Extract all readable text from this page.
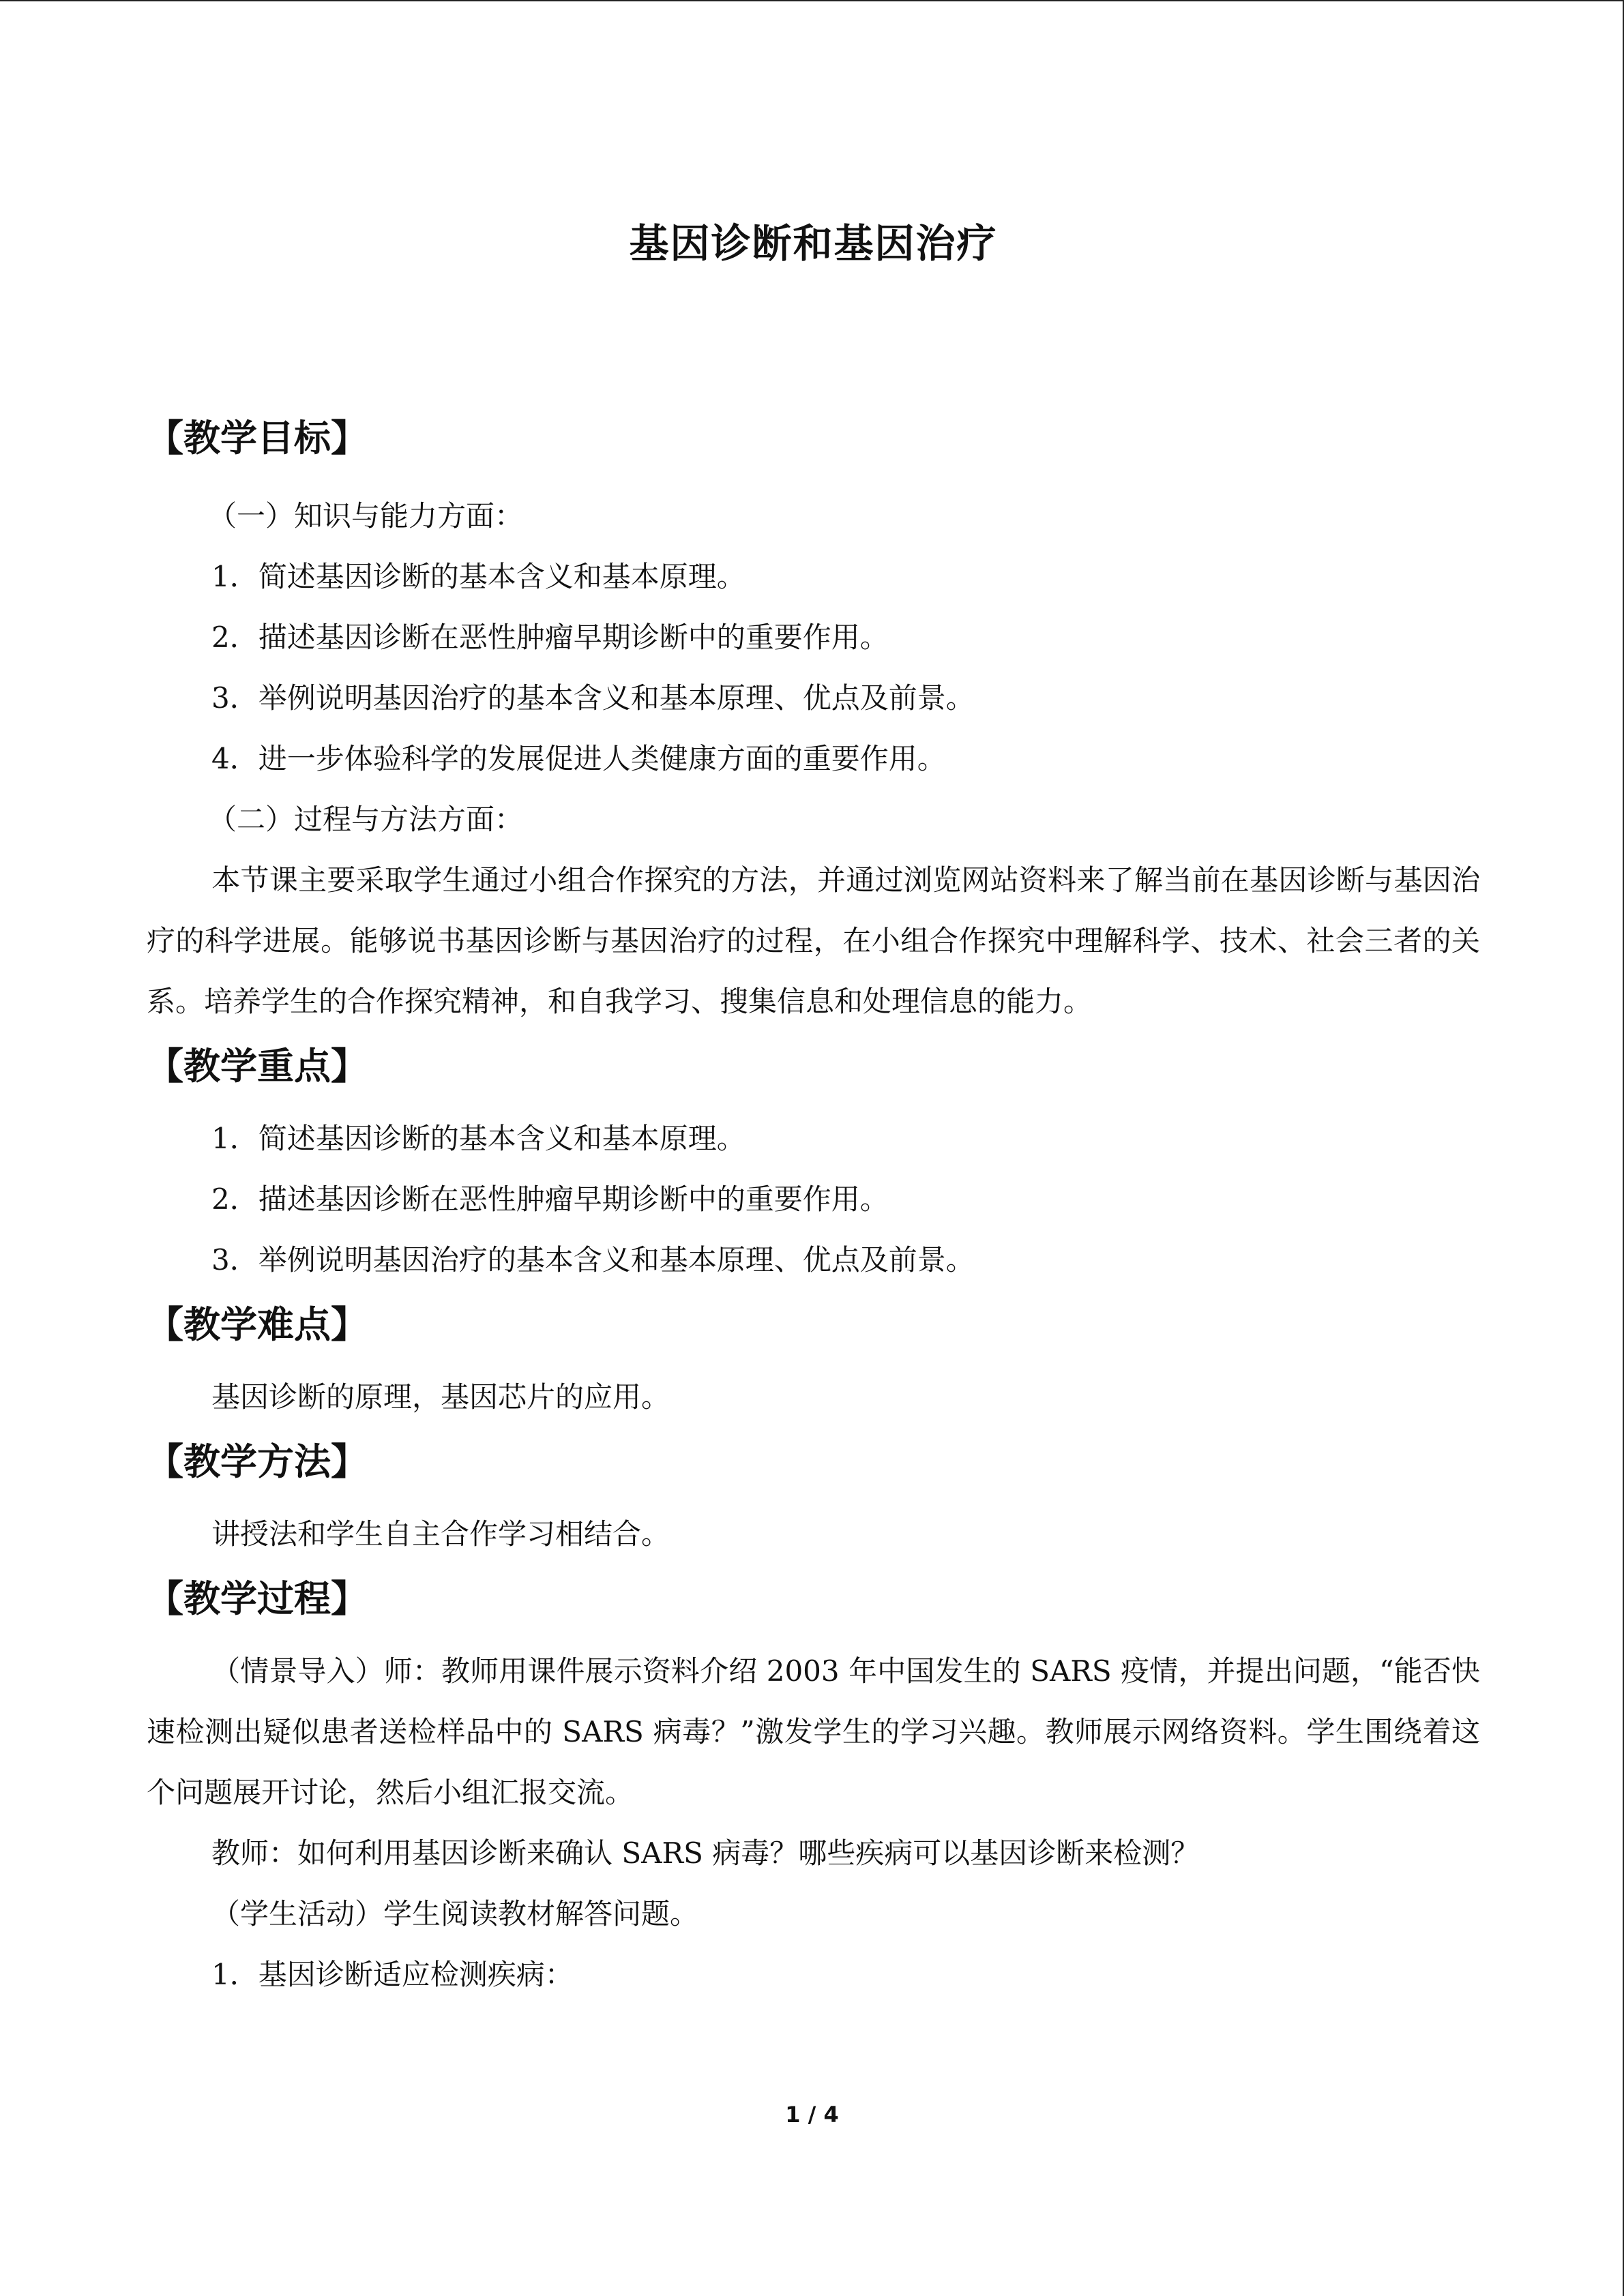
基因诊断和基因治疗
【教学目标】
（一）知识与能力方面：
1．简述基因诊断的基本含义和基本原理。
2．描述基因诊断在恶性肿瘤早期诊断中的重要作用。
3．举例说明基因治疗的基本含义和基本原理、优点及前景。
4．进一步体验科学的发展促进人类健康方面的重要作用。
（二）过程与方法方面：
本节课主要采取学生通过小组合作探究的方法，并通过浏览网站资料来了解当前在基因诊断与基因治疗的科学进展。能够说书基因诊断与基因治疗的过程，在小组合作探究中理解科学、技术、社会三者的关系。培养学生的合作探究精神，和自我学习、搜集信息和处理信息的能力。
【教学重点】
1．简述基因诊断的基本含义和基本原理。
2．描述基因诊断在恶性肿瘤早期诊断中的重要作用。
3．举例说明基因治疗的基本含义和基本原理、优点及前景。
【教学难点】
基因诊断的原理，基因芯片的应用。
【教学方法】
讲授法和学生自主合作学习相结合。
【教学过程】
（情景导入）师：教师用课件展示资料介绍 2003 年中国发生的 SARS 疫情，并提出问题，“能否快速检测出疑似患者送检样品中的 SARS 病毒？”激发学生的学习兴趣。教师展示网络资料。学生围绕着这个问题展开讨论，然后小组汇报交流。
教师：如何利用基因诊断来确认 SARS 病毒？哪些疾病可以基因诊断来检测？
（学生活动）学生阅读教材解答问题。
1．基因诊断适应检测疾病：
1 / 4
